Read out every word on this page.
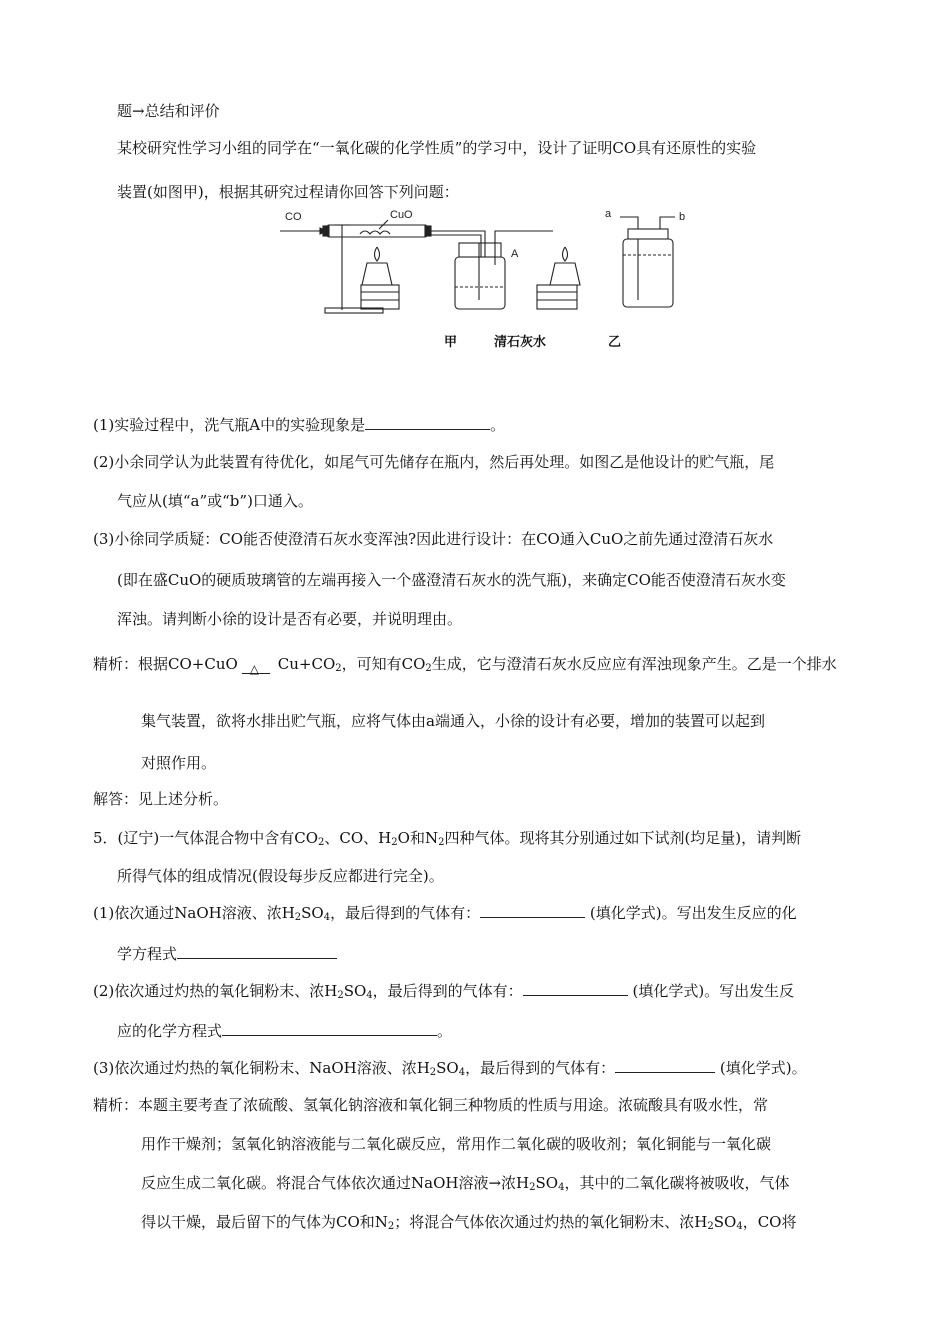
题→总结和评价
某校研究性学习小组的同学在“一氧化碳的化学性质”的学习中，设计了证明CO具有还原性的实验
装置(如图甲)，根据其研究过程请你回答下列问题：
CO	CuO
A
a	b
甲	清石灰水	乙
(1)实验过程中，洗气瓶A中的实验现象是	。
(2)小余同学认为此装置有待优化，如尾气可先储存在瓶内，然后再处理。如图乙是他设计的贮气瓶，尾
气应从(填“a”或“b”)口通入。
(3)小徐同学质疑：CO能否使澄清石灰水变浑浊?因此进行设计：在CO通入CuO之前先通过澄清石灰水
(即在盛CuO的硬质玻璃管的左端再接入一个盛澄清石灰水的洗气瓶)，来确定CO能否使澄清石灰水变
浑浊。请判断小徐的设计是否有必要，并说明理由。
精析：根据CO+CuO △ $Cu+CO_2$，可知有$CO_2$生成，它与澄清石灰水反应应有浑浊现象产生。乙是一个排水
集气装置，欲将水排出贮气瓶，应将气体由a端通入，小徐的设计有必要，增加的装置可以起到
对照作用。
解答：见上述分析。
5．(辽宁)一气体混合物中含有$CO_2$、CO、$H_2O$和$N_2$四种气体。现将其分别通过如下试剂(均足量)，请判断
所得气体的组成情况(假设每步反应都进行完全)。
(1)依次通过NaOH溶液、浓$H_2SO_4$，最后得到的气体有：	(填化学式)。写出发生反应的化
学方程式
(2)依次通过灼热的氧化铜粉末、浓$H_2SO_4$，最后得到的气体有：	(填化学式)。写出发生反
应的化学方程式	。
(3)依次通过灼热的氧化铜粉末、NaOH溶液、浓$H_2SO_4$，最后得到的气体有：	(填化学式)。
精析：本题主要考查了浓硫酸、氢氧化钠溶液和氧化铜三种物质的性质与用途。浓硫酸具有吸水性，常
用作干燥剂；氢氧化钠溶液能与二氧化碳反应，常用作二氧化碳的吸收剂；氧化铜能与一氧化碳
反应生成二氧化碳。将混合气体依次通过NaOH溶液→浓$H_2SO_4$，其中的二氧化碳将被吸收，气体
得以干燥，最后留下的气体为CO和$N_2$；将混合气体依次通过灼热的氧化铜粉末、浓$H_2SO_4$，CO将
